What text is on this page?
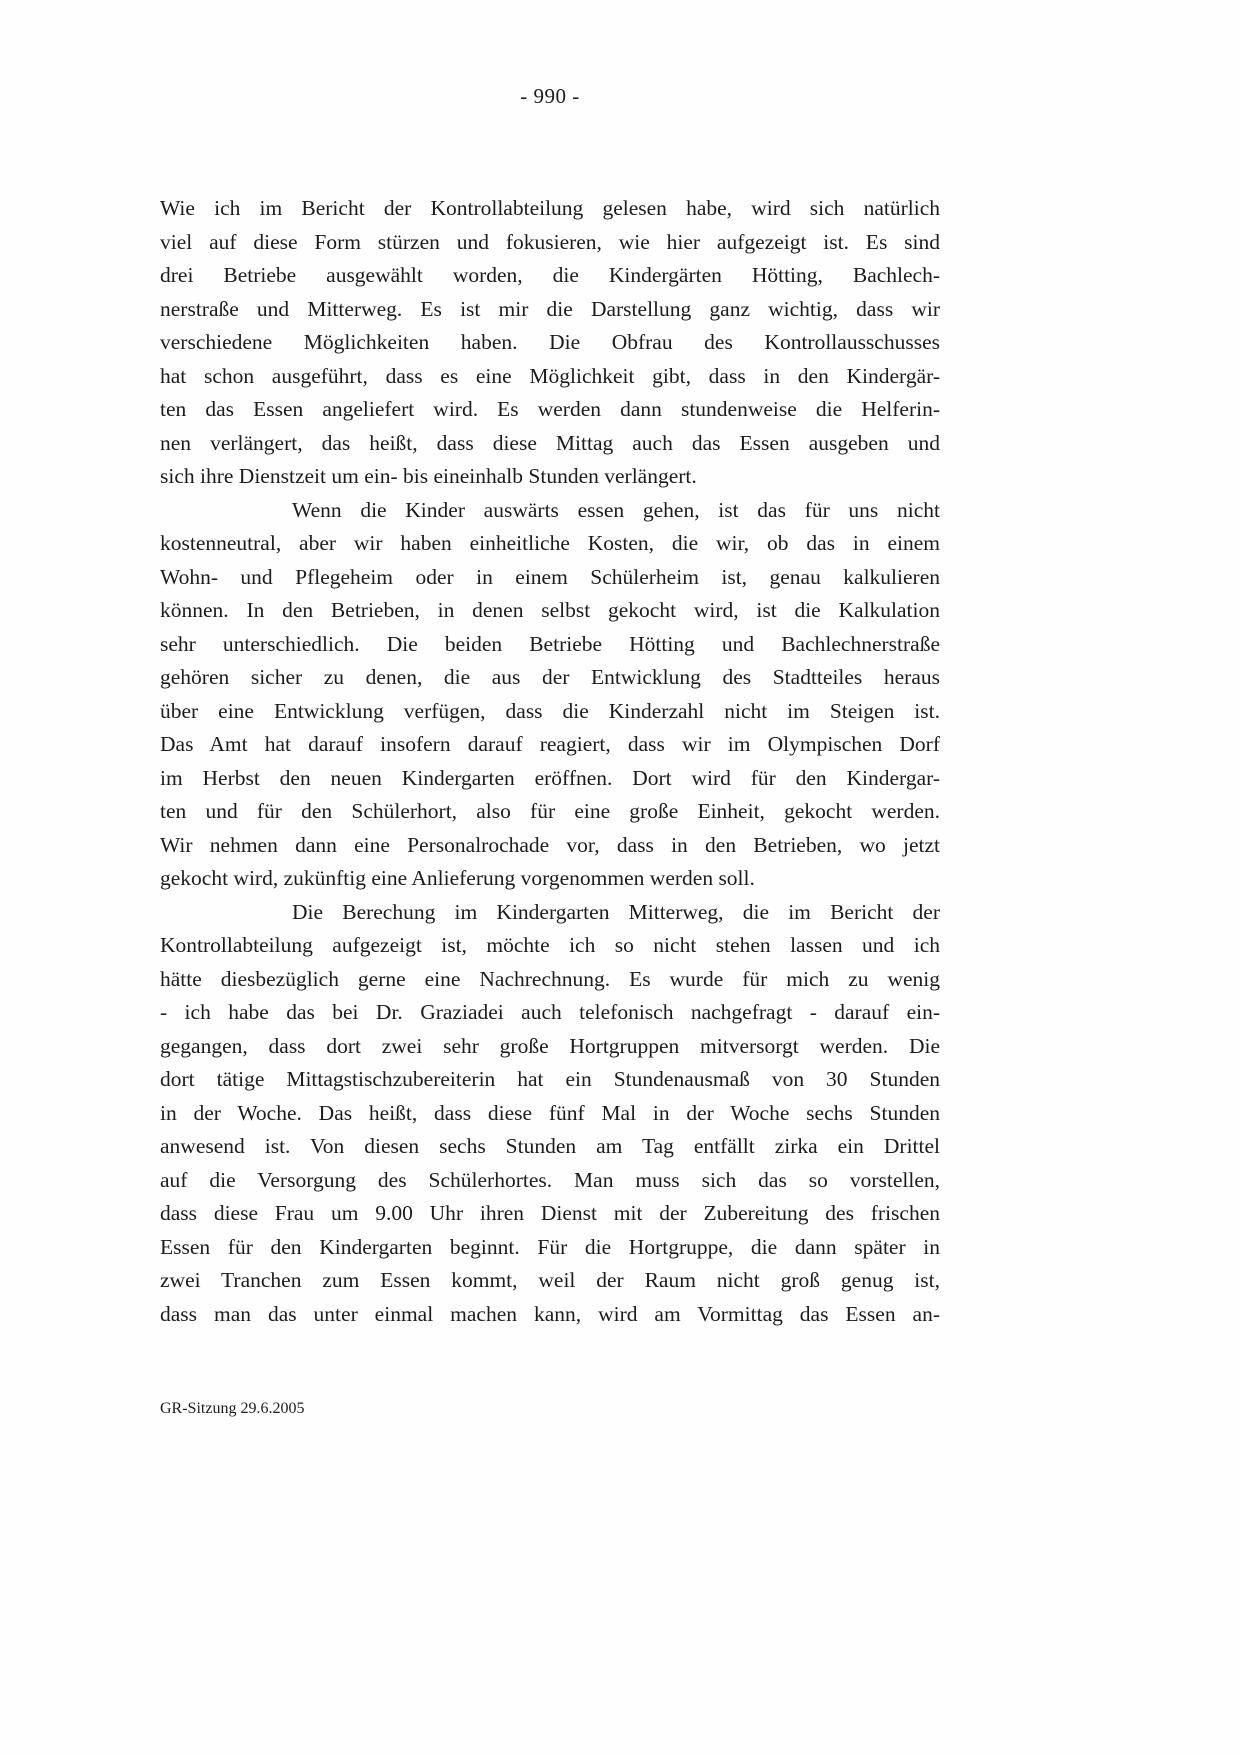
- 990 -
Wie ich im Bericht der Kontrollabteilung gelesen habe, wird sich natürlich
viel auf diese Form stürzen und fokusieren, wie hier aufgezeigt ist. Es sind
drei Betriebe ausgewählt worden, die Kindergärten Hötting, Bachlech-
nerstraße und Mitterweg. Es ist mir die Darstellung ganz wichtig, dass wir
verschiedene Möglichkeiten haben. Die Obfrau des Kontrollausschusses
hat schon ausgeführt, dass es eine Möglichkeit gibt, dass in den Kindergär-
ten das Essen angeliefert wird. Es werden dann stundenweise die Helferin-
nen verlängert, das heißt, dass diese Mittag auch das Essen ausgeben und
sich ihre Dienstzeit um ein- bis eineinhalb Stunden verlängert.
Wenn die Kinder auswärts essen gehen, ist das für uns nicht
kostenneutral, aber wir haben einheitliche Kosten, die wir, ob das in einem
Wohn- und Pflegeheim oder in einem Schülerheim ist, genau kalkulieren
können. In den Betrieben, in denen selbst gekocht wird, ist die Kalkulation
sehr unterschiedlich. Die beiden Betriebe Hötting und Bachlechnerstraße
gehören sicher zu denen, die aus der Entwicklung des Stadtteiles heraus
über eine Entwicklung verfügen, dass die Kinderzahl nicht im Steigen ist.
Das Amt hat darauf insofern darauf reagiert, dass wir im Olympischen Dorf
im Herbst den neuen Kindergarten eröffnen. Dort wird für den Kindergar-
ten und für den Schülerhort, also für eine große Einheit, gekocht werden.
Wir nehmen dann eine Personalrochade vor, dass in den Betrieben, wo jetzt
gekocht wird, zukünftig eine Anlieferung vorgenommen werden soll.
Die Berechung im Kindergarten Mitterweg, die im Bericht der
Kontrollabteilung aufgezeigt ist, möchte ich so nicht stehen lassen und ich
hätte diesbezüglich gerne eine Nachrechnung. Es wurde für mich zu wenig
- ich habe das bei Dr. Graziadei auch telefonisch nachgefragt - darauf ein-
gegangen, dass dort zwei sehr große Hortgruppen mitversorgt werden. Die
dort tätige Mittagstischzubereiterin hat ein Stundenausmaß von 30 Stunden
in der Woche. Das heißt, dass diese fünf Mal in der Woche sechs Stunden
anwesend ist. Von diesen sechs Stunden am Tag entfällt zirka ein Drittel
auf die Versorgung des Schülerhortes. Man muss sich das so vorstellen,
dass diese Frau um 9.00 Uhr ihren Dienst mit der Zubereitung des frischen
Essen für den Kindergarten beginnt. Für die Hortgruppe, die dann später in
zwei Tranchen zum Essen kommt, weil der Raum nicht groß genug ist,
dass man das unter einmal machen kann, wird am Vormittag das Essen an-
GR-Sitzung 29.6.2005
